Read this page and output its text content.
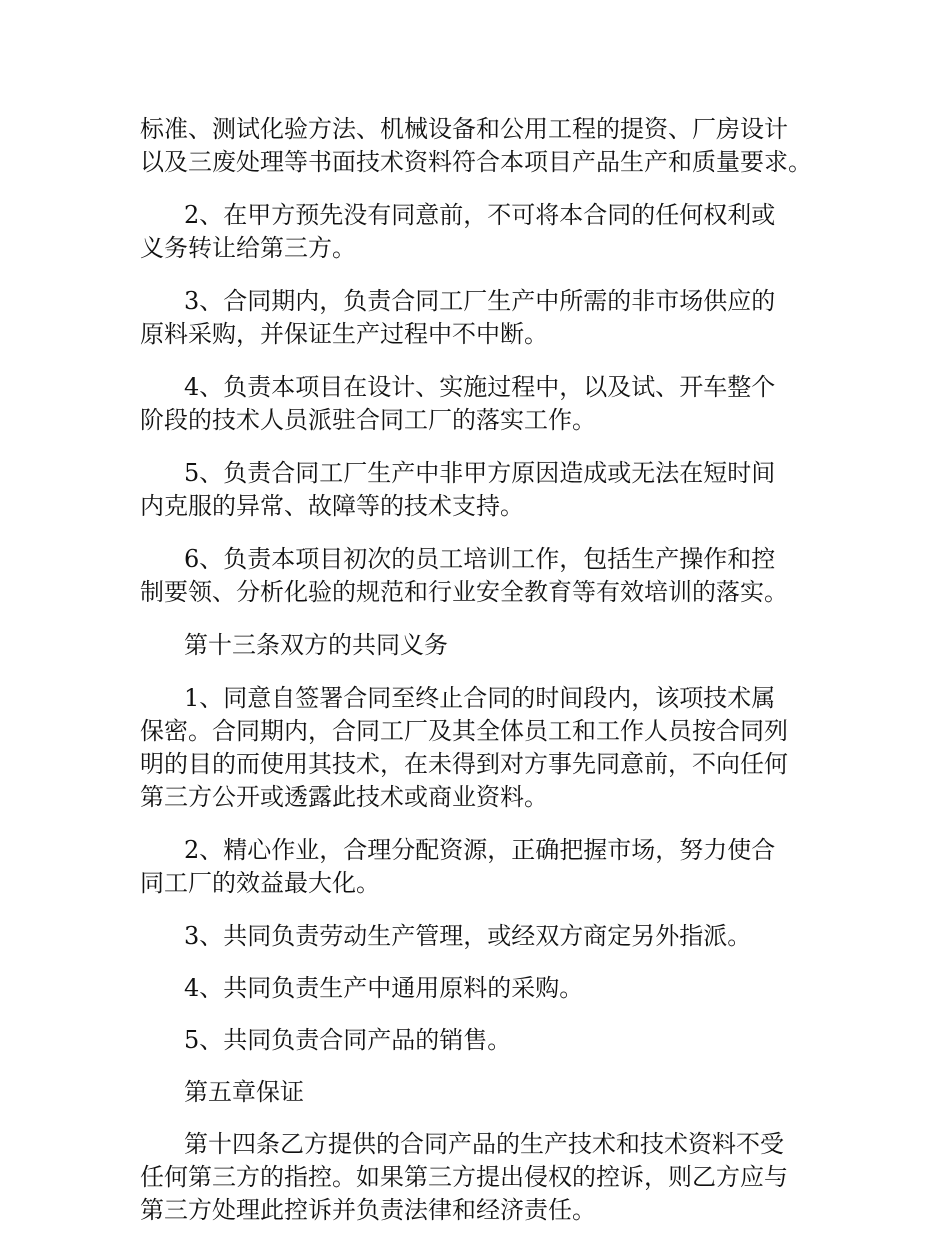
标准、测试化验方法、机械设备和公用工程的提资、厂房设计
以及三废处理等书面技术资料符合本项目产品生产和质量要求。
2、在甲方预先没有同意前，不可将本合同的任何权利或
义务转让给第三方。
3、合同期内，负责合同工厂生产中所需的非市场供应的
原料采购，并保证生产过程中不中断。
4、负责本项目在设计、实施过程中，以及试、开车整个
阶段的技术人员派驻合同工厂的落实工作。
5、负责合同工厂生产中非甲方原因造成或无法在短时间
内克服的异常、故障等的技术支持。
6、负责本项目初次的员工培训工作，包括生产操作和控
制要领、分析化验的规范和行业安全教育等有效培训的落实。
第十三条双方的共同义务
1、同意自签署合同至终止合同的时间段内，该项技术属
保密。合同期内，合同工厂及其全体员工和工作人员按合同列
明的目的而使用其技术，在未得到对方事先同意前，不向任何
第三方公开或透露此技术或商业资料。
2、精心作业，合理分配资源，正确把握市场，努力使合
同工厂的效益最大化。
3、共同负责劳动生产管理，或经双方商定另外指派。
4、共同负责生产中通用原料的采购。
5、共同负责合同产品的销售。
第五章保证
第十四条乙方提供的合同产品的生产技术和技术资料不受
任何第三方的指控。如果第三方提出侵权的控诉，则乙方应与
第三方处理此控诉并负责法律和经济责任。
